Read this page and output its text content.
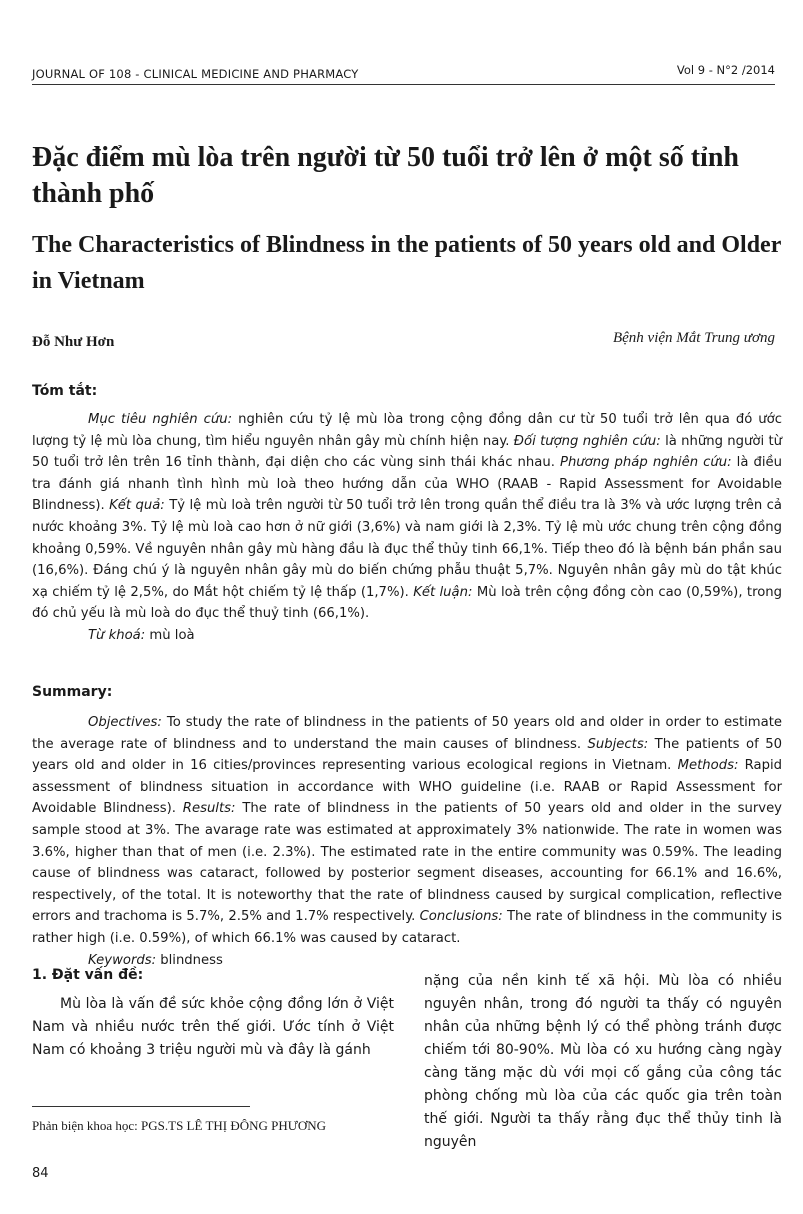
JOURNAL OF 108 - CLINICAL MEDICINE AND PHARMACY	Vol 9 - N°2 /2014
Đặc điểm mù lòa trên người từ 50 tuổi trở lên ở một số tỉnh thành phố
The Characteristics of Blindness in the patients of 50 years old and Older in Vietnam
Đỗ Như Hơn	Bệnh viện Mắt Trung ương
Tóm tắt:

Mục tiêu nghiên cứu: nghiên cứu tỷ lệ mù lòa trong cộng đồng dân cư từ 50 tuổi trở lên qua đó ước lượng tỷ lệ mù lòa chung, tìm hiểu nguyên nhân gây mù chính hiện nay. Đối tượng nghiên cứu: là những người từ 50 tuổi trở lên trên 16 tỉnh thành, đại diện cho các vùng sinh thái khác nhau. Phương pháp nghiên cứu: là điều tra đánh giá nhanh tình hình mù loà theo hướng dẫn của WHO (RAAB - Rapid Assessment for Avoidable Blindness). Kết quả: Tỷ lệ mù loà trên người từ 50 tuổi trở lên trong quần thể điều tra là 3% và ước lượng trên cả nước khoảng 3%. Tỷ lệ mù loà cao hơn ở nữ giới (3,6%) và nam giới là 2,3%. Tỷ lệ mù ước chung trên cộng đồng khoảng 0,59%. Về nguyên nhân gây mù hàng đầu là đục thể thủy tinh 66,1%. Tiếp theo đó là bệnh bán phần sau (16,6%). Đáng chú ý là nguyên nhân gây mù do biến chứng phẫu thuật 5,7%. Nguyên nhân gây mù do tật khúc xạ chiếm tỷ lệ 2,5%, do Mắt hột chiếm tỷ lệ thấp (1,7%). Kết luận: Mù loà trên cộng đồng còn cao (0,59%), trong đó chủ yếu là mù loà do đục thể thuỷ tinh (66,1%).

Từ khoá: mù loà

Summary:

Objectives: To study the rate of blindness in the patients of 50 years old and older in order to estimate the average rate of blindness and to understand the main causes of blindness. Subjects: The patients of 50 years old and older in 16 cities/provinces representing various ecological regions in Vietnam. Methods: Rapid assessment of blindness situation in accordance with WHO guideline (i.e. RAAB or Rapid Assessment for Avoidable Blindness). Results: The rate of blindness in the patients of 50 years old and older in the survey sample stood at 3%. The avarage rate was estimated at approximately 3% nationwide. The rate in women was 3.6%, higher than that of men (i.e. 2.3%). The estimated rate in the entire community was 0.59%. The leading cause of blindness was cataract, followed by posterior segment diseases, accounting for 66.1% and 16.6%, respectively, of the total. It is noteworthy that the rate of blindness caused by surgical complication, reflective errors and trachoma is 5.7%, 2.5% and 1.7% respectively. Conclusions: The rate of blindness in the community is rather high (i.e. 0.59%), of which 66.1% was caused by cataract.

Keywords: blindness

1. Đặt vấn đề:

Mù lòa là vấn đề sức khỏe cộng đồng lớn ở Việt Nam và nhiều nước trên thế giới. Ước tính ở Việt Nam có khoảng 3 triệu người mù và đây là gánh

nặng của nền kinh tế xã hội. Mù lòa có nhiều nguyên nhân, trong đó người ta thấy có nguyên nhân của những bệnh lý có thể phòng tránh được chiếm tới 80-90%. Mù lòa có xu hướng càng ngày càng tăng mặc dù với mọi cố gắng của công tác phòng chống mù lòa của các quốc gia trên toàn thế giới. Người ta thấy rằng đục thể thủy tinh là nguyên

Phản biện khoa học: PGS.TS LÊ THỊ ĐÔNG PHƯƠNG
84
